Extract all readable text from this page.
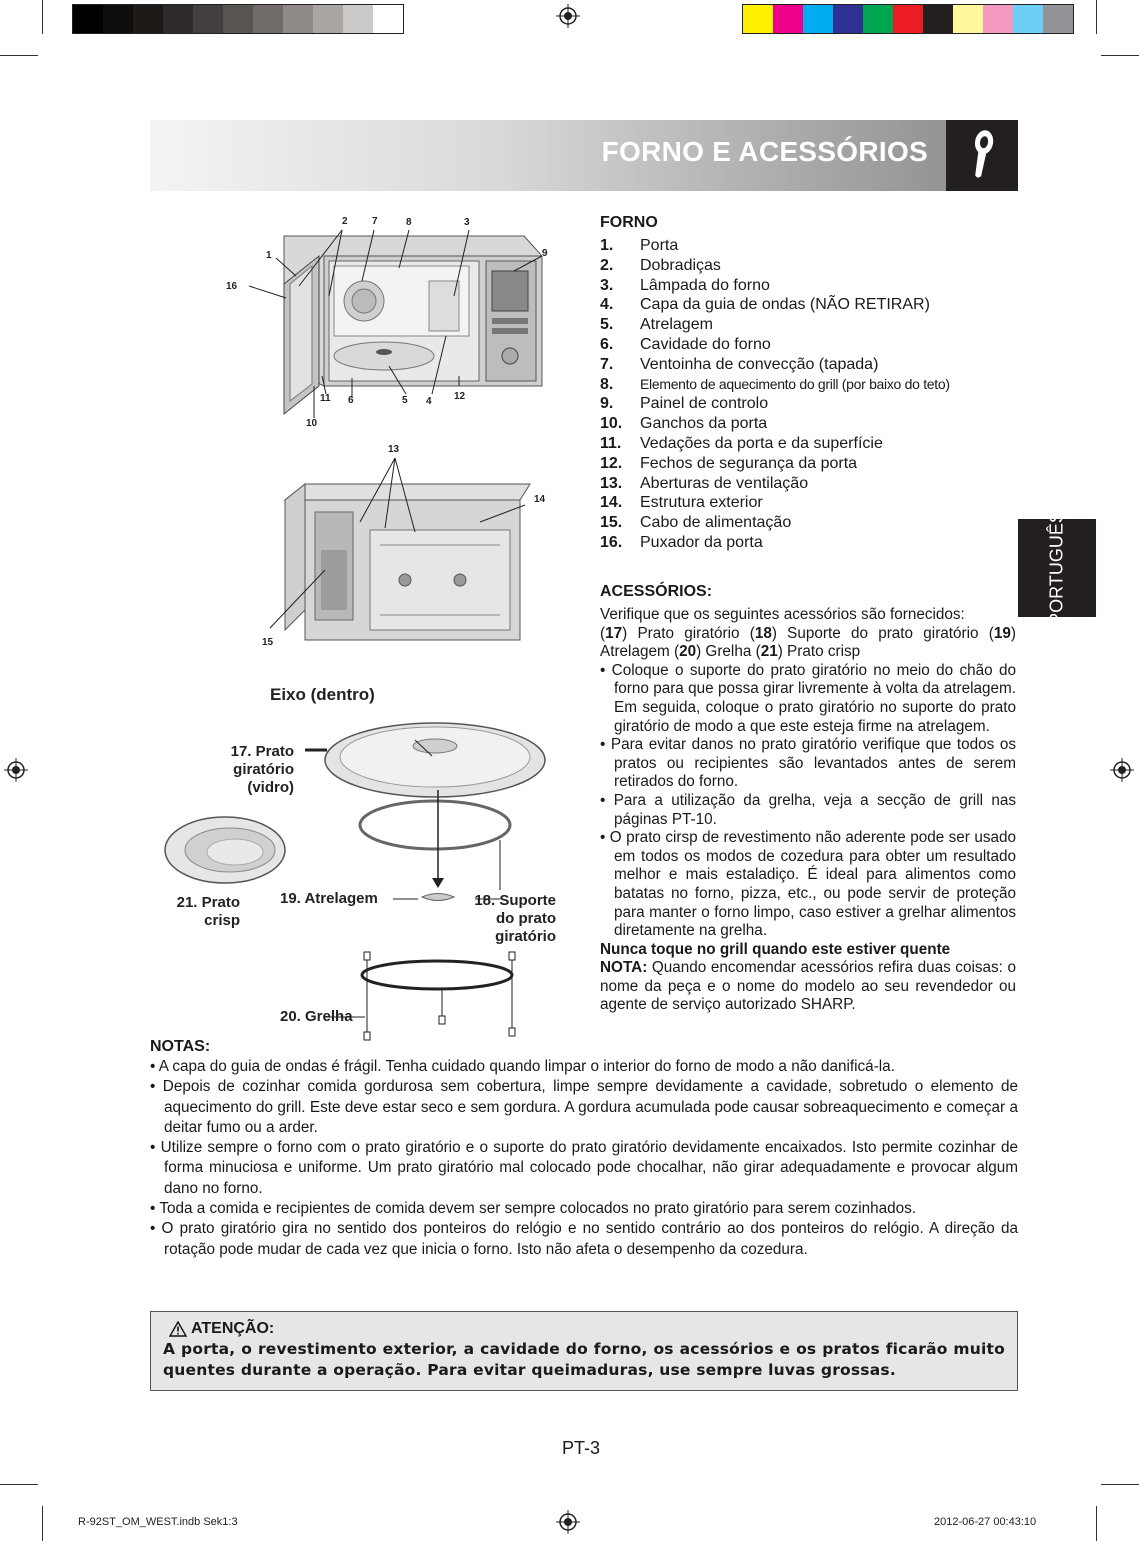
FORNO E ACESSÓRIOS
PORTUGUÊS
2 7	8	3
1	9
16
11 6	5 4 12
10
13
14
15
Eixo (dentro)
17. Prato
giratório
(vidro)
21. Prato
crisp
19. Atrelagem	18. Suporte
do prato
giratório
20. Grelha
FORNO
1.	Porta
2.	Dobradiças
3.	Lâmpada do forno
4.	Capa da guia de ondas (NÃO RETIRAR)
5.	Atrelagem
6.	Cavidade do forno
7.	Ventoinha de convecção (tapada)
8.	Elemento de aquecimento do grill (por baixo do teto)
9.	Painel de controlo
10.	Ganchos da porta
11.	Vedações da porta e da superfície
12.	Fechos de segurança da porta
13.	Aberturas de ventilação
14.	Estrutura exterior
15.	Cabo de alimentação
16.	Puxador da porta
ACESSÓRIOS:

Verifique que os seguintes acessórios são fornecidos:

(17) Prato giratório (18) Suporte do prato giratório (19) Atrelagem (20) Grelha (21) Prato crisp

• Coloque o suporte do prato giratório no meio do chão do forno para que possa girar livremente à volta da atrelagem. Em seguida, coloque o prato giratório no suporte do prato giratório de modo a que este esteja firme na atrelagem.
• Para evitar danos no prato giratório verifique que todos os pratos ou recipientes são levantados antes de serem retirados do forno.
• Para a utilização da grelha, veja a secção de grill nas páginas PT-10.
• O prato cirsp de revestimento não aderente pode ser usado em todos os modos de cozedura para obter um resultado melhor e mais estaladiço. É ideal para alimentos como batatas no forno, pizza, etc., ou pode servir de proteção para manter o forno limpo, caso estiver a grelhar alimentos diretamente na grelha.

Nunca toque no grill quando este estiver quente

NOTA: Quando encomendar acessórios refira duas coisas: o nome da peça e o nome do modelo ao seu revendedor ou agente de serviço autorizado SHARP.

NOTAS:
• A capa do guia de ondas é frágil. Tenha cuidado quando limpar o interior do forno de modo a não danificá-la.
• Depois de cozinhar comida gordurosa sem cobertura, limpe sempre devidamente a cavidade, sobretudo o elemento de aquecimento do grill. Este deve estar seco e sem gordura. A gordura acumulada pode causar sobreaquecimento e começar a deitar fumo ou a arder.
• Utilize sempre o forno com o prato giratório e o suporte do prato giratório devidamente encaixados. Isto permite cozinhar de forma minuciosa e uniforme. Um prato giratório mal colocado pode chocalhar, não girar adequadamente e provocar algum dano no forno.
• Toda a comida e recipientes de comida devem ser sempre colocados no prato giratório para serem cozinhados.
• O prato giratório gira no sentido dos ponteiros do relógio e no sentido contrário ao dos ponteiros do relógio. A direção da rotação pode mudar de cada vez que inicia o forno. Isto não afeta o desempenho da cozedura.
ATENÇÃO:
A porta, o revestimento exterior, a cavidade do forno, os acessórios e os pratos ficarão muito quentes durante a operação. Para evitar queimaduras, use sempre luvas grossas.
PT-3
R-92ST_OM_WEST.indb Sek1:3	2012-06-27 00:43:10
